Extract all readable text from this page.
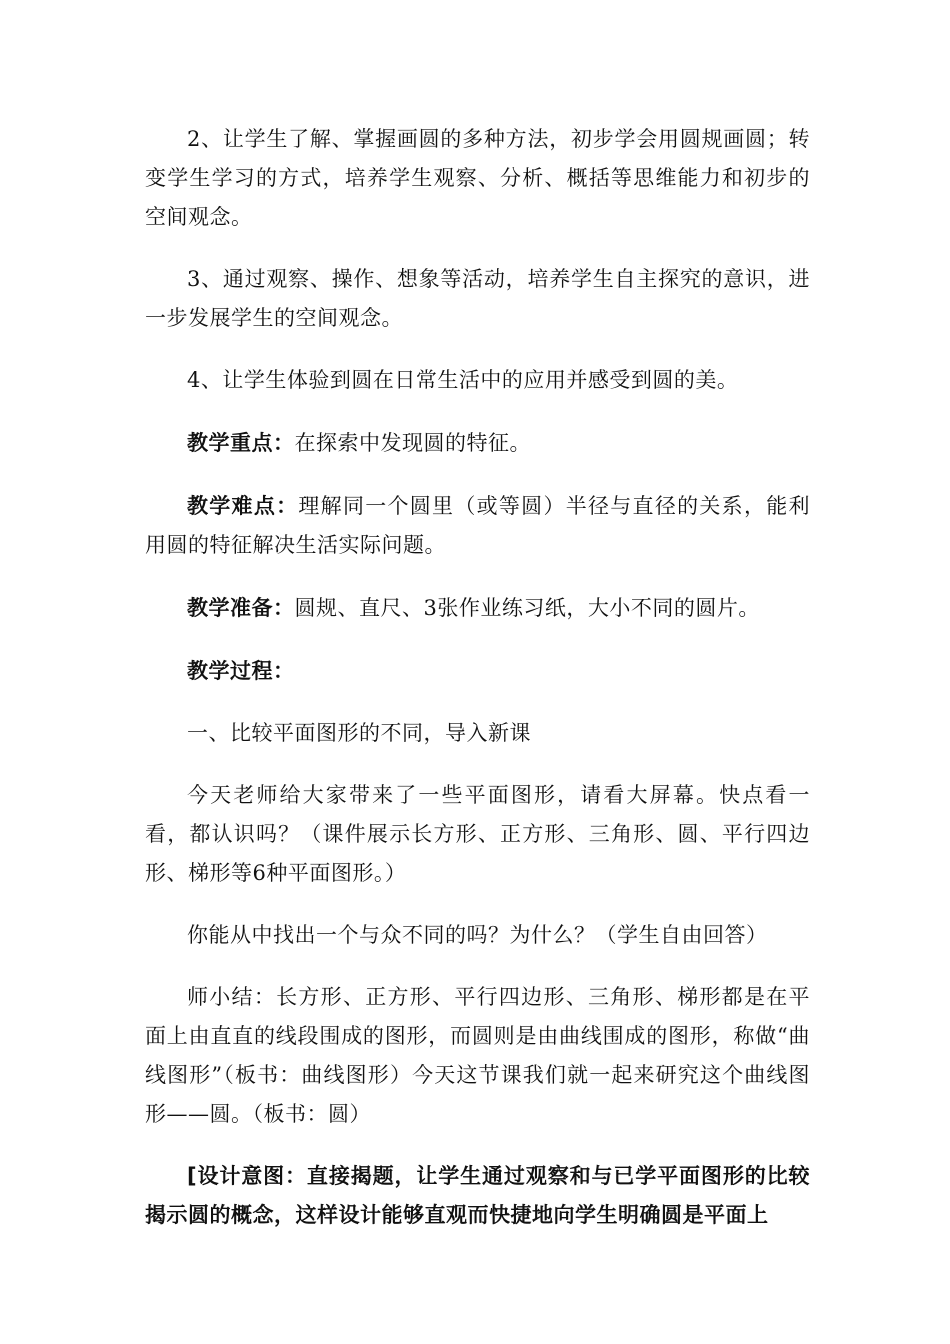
2、让学生了解、掌握画圆的多种方法，初步学会用圆规画圆；转变学生学习的方式，培养学生观察、分析、概括等思维能力和初步的空间观念。

3、通过观察、操作、想象等活动，培养学生自主探究的意识，进一步发展学生的空间观念。

4、让学生体验到圆在日常生活中的应用并感受到圆的美。

教学重点：在探索中发现圆的特征。

教学难点：理解同一个圆里（或等圆）半径与直径的关系，能利用圆的特征解决生活实际问题。

教学准备：圆规、直尺、3张作业练习纸，大小不同的圆片。

教学过程：

一、比较平面图形的不同，导入新课

今天老师给大家带来了一些平面图形，请看大屏幕。快点看一看，都认识吗？（课件展示长方形、正方形、三角形、圆、平行四边形、梯形等6种平面图形。）

你能从中找出一个与众不同的吗？为什么？（学生自由回答）

师小结：长方形、正方形、平行四边形、三角形、梯形都是在平面上由直直的线段围成的图形，而圆则是由曲线围成的图形，称做“曲线图形”（板书：曲线图形）今天这节课我们就一起来研究这个曲线图形——圆。（板书：圆）

[设计意图：直接揭题，让学生通过观察和与已学平面图形的比较揭示圆的概念，这样设计能够直观而快捷地向学生明确圆是平面上
